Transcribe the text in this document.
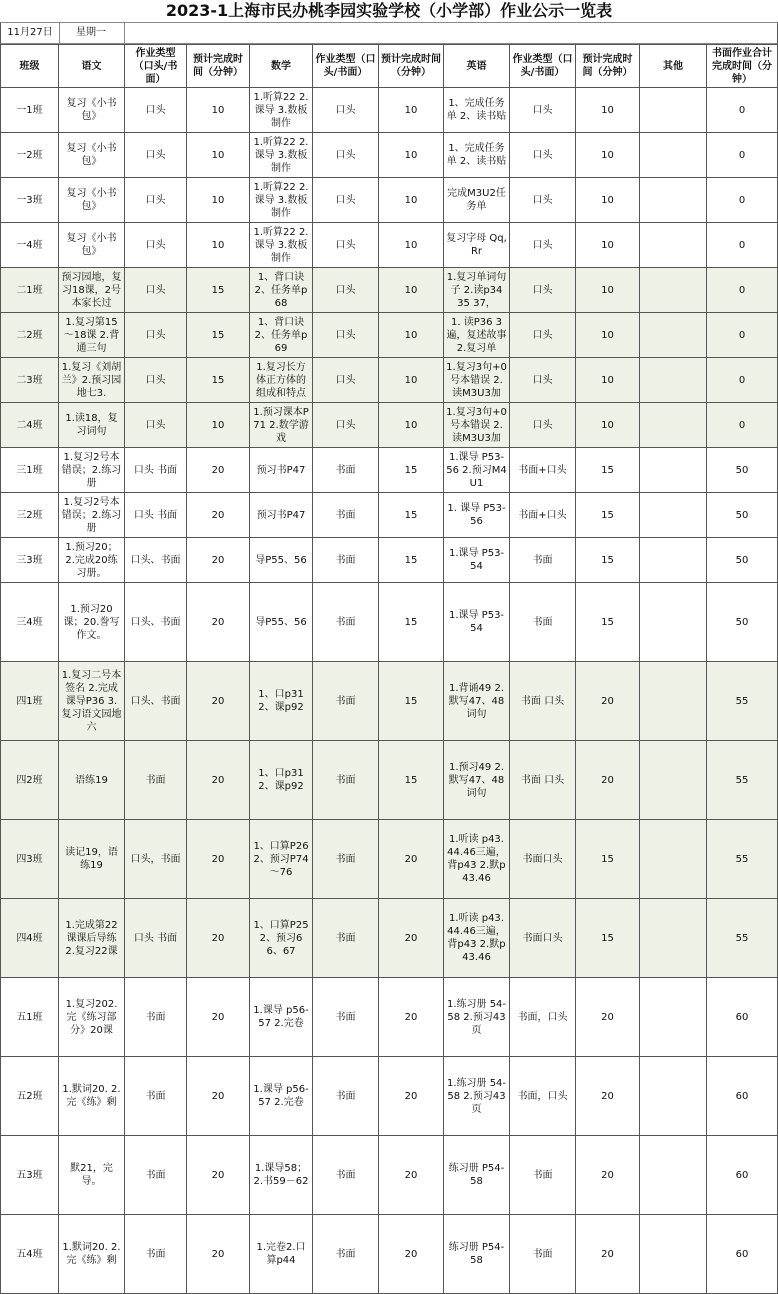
2023-1上海市民办桃李园实验学校（小学部）作业公示一览表
11月27日	星期一
班级	语文	作业类型（口头/书面）	预计完成时间（分钟）	数学	作业类型（口头/书面）	预计完成时间（分钟）	英语	作业类型（口头/书面）	预计完成时间（分钟）	其他	书面作业合计完成时间（分钟）
一1班	复习《小书包》	口头	10	1.听算22 2.课导 3.数板制作	口头	10	1、完成任务单 2、读书贴	口头	10		0
一2班	复习《小书包》	口头	10	1.听算22 2.课导 3.数板制作	口头	10	1、完成任务单 2、读书贴	口头	10		0
一3班	复习《小书包》	口头	10	1.听算22 2.课导 3.数板制作	口头	10	完成M3U2任务单	口头	10		0
一4班	复习《小书包》	口头	10	1.听算22 2.课导 3.数板制作	口头	10	复习字母 Qq,Rr	口头	10		0
二1班	预习园地，复习18课，2号本家长过	口头	15	1、背口诀 2、任务单p68	口头	10	1.复习单词句子 2.读p34 35 37，	口头	10		0
二2班	1.复习第15～18课 2.背通三句	口头	15	1、背口诀 2、任务单p69	口头	10	1. 读P36 3遍，复述故事 2.复习单	口头	10		0
二3班	1.复习《刘胡兰》2.预习园地七3.	口头	15	1.复习长方体正方体的组成和特点	口头	10	1.复习3句+0号本错误 2.读M3U3加	口头	10		0
二4班	1.读18，复习词句	口头	10	1.预习课本P71 2.数学游戏	口头	10	1.复习3句+0号本错误 2.读M3U3加	口头	10		0
三1班	1.复习2号本错误；2.练习册	口头 书面	20	预习书P47	书面	15	1.课导 P53-56 2.预习M4U1	书面+口头	15		50
三2班	1.复习2号本错误；2.练习册	口头 书面	20	预习书P47	书面	15	1. 课导 P53-56	书面+口头	15		50
三3班	1.预习20；2.完成20练习册。	口头、书面	20	导P55、56	书面	15	1.课导 P53-54	书面	15		50
三4班	1.预习20课；20.誊写作文。	口头、书面	20	导P55、56	书面	15	1.课导 P53-54	书面	15		50
四1班	1.复习二号本签名 2.完成课导P36 3.复习语文园地六	口头、书面	20	1、口p31 2、课p92	书面	15	1.背诵49 2.默写47、48词句	书面 口头	20		55
四2班	语练19	书面	20	1、口p31 2、课p92	书面	15	1.预习49 2.默写47、48词句	书面 口头	20		55
四3班	读记19，语练19	口头，书面	20	1、口算P26 2、预习P74～76	书面	20	1.听读 p43.44.46三遍，背p43 2.默p43.46	书面口头	15		55
四4班	1.完成第22课课后导练 2.复习22课	口头 书面	20	1、口算P25 2、预习66、67	书面	20	1.听读 p43.44.46三遍，背p43 2.默p43.46	书面口头	15		55
五1班	1.复习202. 完《练习部分》20课	书面	20	1.课导 p56-57 2.完卷	书面	20	1.练习册 54-58 2.预习43页	书面，口头	20		60
五2班	1.默词20. 2. 完《练》剩	书面	20	1.课导 p56-57 2.完卷	书面	20	1.练习册 54-58 2.预习43页	书面，口头	20		60
五3班	默21，完导。	书面	20	1.课导58；2.书59－62	书面	20	练习册 P54-58	书面	20		60
五4班	1.默词20. 2. 完《练》剩	书面	20	1.完卷2.口算p44	书面	20	练习册 P54-58	书面	20		60
